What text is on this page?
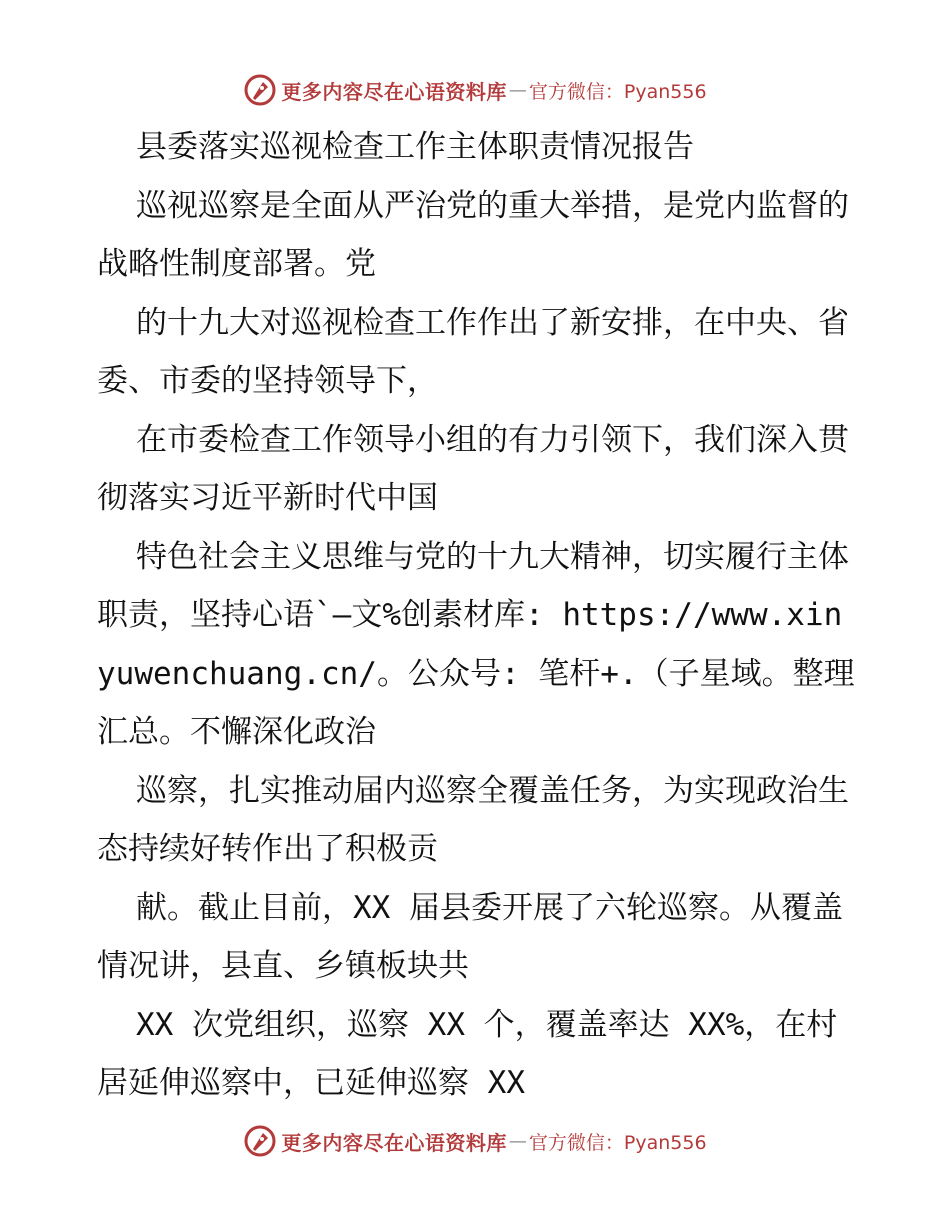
更多内容尽在心语资料库 — 官方微信：Pyan556

县委落实巡视检查工作主体职责情况报告

巡视巡察是全面从严治党的重大举措，是党内监督的战略性制度部署。党

的十九大对巡视检查工作作出了新安排，在中央、省委、市委的坚持领导下，

在市委检查工作领导小组的有力引领下，我们深入贯彻落实习近平新时代中国

特色社会主义思维与党的十九大精神，切实履行主体职责，坚持心语`—文%创素材库: https://www.xinyuwenchuang.cn/。公众号: 笔杆+.（子星域。整理汇总。不懈深化政治

巡察，扎实推动届内巡察全覆盖任务，为实现政治生态持续好转作出了积极贡

献。截止目前，XX 届县委开展了六轮巡察。从覆盖情况讲，县直、乡镇板块共

XX 次党组织，巡察 XX 个，覆盖率达 XX%，在村居延伸巡察中，已延伸巡察 XX

更多内容尽在心语资料库 — 官方微信：Pyan556
